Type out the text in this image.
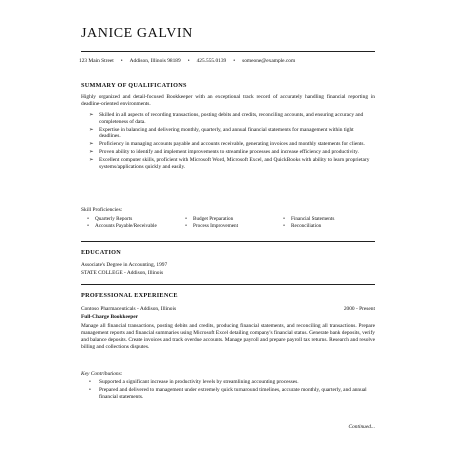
JANICE GALVIN
123 Main Street • Addison, Illinois 98189 • 425.555.0139 • someone@example.com
SUMMARY OF QUALIFICATIONS
Highly organized and detail-focused Bookkeeper with an exceptional track record of accurately handling financial reporting in deadline-oriented environments.
➢ Skilled in all aspects of recording transactions, posting debits and credits, reconciling accounts, and ensuring accuracy and completeness of data.
➢ Expertise in balancing and delivering monthly, quarterly, and annual financial statements for management within tight deadlines.
➢ Proficiency in managing accounts payable and accounts receivable, generating invoices and monthly statements for clients.
➢ Proven ability to identify and implement improvements to streamline processes and increase efficiency and productivity.
➢ Excellent computer skills, proficient with Microsoft Word, Microsoft Excel, and QuickBooks with ability to learn proprietary systems/applications quickly and easily.
Skill Proficiencies:
•	Quarterly Reports	•	Budget Preparation	•	Financial Statements
•	Accounts Payable/Receivable	•	Process Improvement	•	Reconciliation
EDUCATION
Associate's Degree in Accounting, 1997
STATE COLLEGE - Addison, Illinois
PROFESSIONAL EXPERIENCE
Contoso Pharmaceuticals - Addison, Illinois	2000 - Present
Full-Charge Bookkeeper
Manage all financial transactions, posting debits and credits, producing financial statements, and reconciling all transactions. Prepare management reports and financial summaries using Microsoft Excel detailing company's financial status. Generate bank deposits, verify and balance deposits. Create invoices and track overdue accounts. Manage payroll and prepare payroll tax returns. Research and resolve billing and collections disputes.
Key Contributions:
• Supported a significant increase in productivity levels by streamlining accounting processes.
• Prepared and delivered to management under extremely quick turnaround timelines, accurate monthly, quarterly, and annual financial statements.
Continued...
